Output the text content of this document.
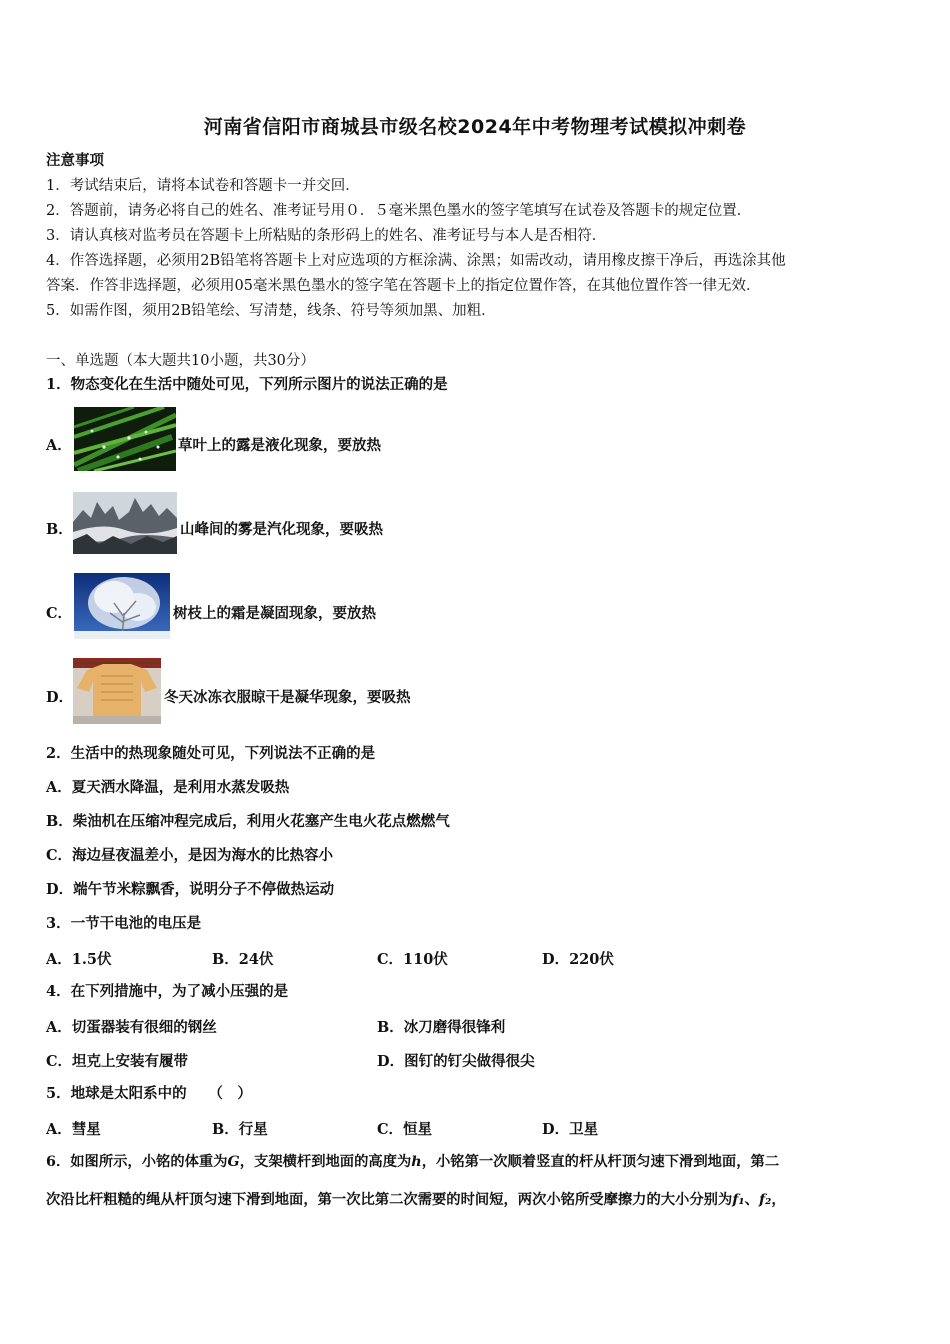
河南省信阳市商城县市级名校2024年中考物理考试模拟冲刺卷
注意事项
1．考试结束后，请将本试卷和答题卡一并交回．
2．答题前，请务必将自己的姓名、准考证号用０．５毫米黑色墨水的签字笔填写在试卷及答题卡的规定位置．
3．请认真核对监考员在答题卡上所粘贴的条形码上的姓名、准考证号与本人是否相符．
4．作答选择题，必须用2B铅笔将答题卡上对应选项的方框涂满、涂黑；如需改动，请用橡皮擦干净后，再选涂其他
答案．作答非选择题，必须用05毫米黑色墨水的签字笔在答题卡上的指定位置作答，在其他位置作答一律无效．
5．如需作图，须用2B铅笔绘、写清楚，线条、符号等须加黑、加粗．
一、单选题（本大题共10小题，共30分）
1．物态变化在生活中随处可见，下列所示图片的说法正确的是
A．	草叶上的露是液化现象，要放热
B．	山峰间的雾是汽化现象，要吸热
C．	树枝上的霜是凝固现象，要放热
D．	冬天冰冻衣服晾干是凝华现象，要吸热
2．生活中的热现象随处可见，下列说法不正确的是
A．夏天洒水降温，是利用水蒸发吸热
B．柴油机在压缩冲程完成后，利用火花塞产生电火花点燃燃气
C．海边昼夜温差小，是因为海水的比热容小
D．端午节米粽飘香，说明分子不停做热运动
3．一节干电池的电压是
A．1.5伏	B．24伏	C．110伏	D．220伏
4．在下列措施中，为了减小压强的是
A．切蛋器装有很细的钢丝	B．冰刀磨得很锋利
C．坦克上安装有履带	D．图钉的钉尖做得很尖
5．地球是太阳系中的　　（　）
A．彗星	B．行星	C．恒星	D．卫星
6．如图所示，小铭的体重为G，支架横杆到地面的高度为h，小铭第一次顺着竖直的杆从杆顶匀速下滑到地面，第二
次沿比杆粗糙的绳从杆顶匀速下滑到地面，第一次比第二次需要的时间短，两次小铭所受摩擦力的大小分别为f₁、f₂，
